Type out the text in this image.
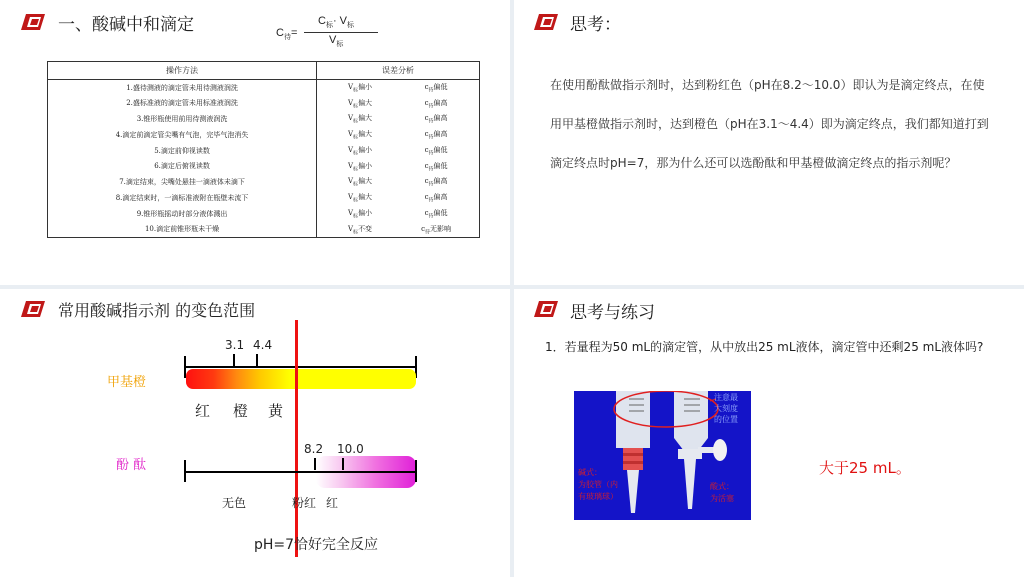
一、酸碱中和滴定	$C_待=$
$C_标\cdot V_标$
$V_标$
操作方法	误差分析
1.盛待测液的滴定管未用待测液润洗	$V_标$偏小 $c_待$偏低
2.盛标准液的滴定管未用标准液润洗	$V_标$偏大 $c_待$偏高
3.锥形瓶使用前用待测液润洗	$V_标$偏大 $c_待$偏高
4.滴定前滴定管尖嘴有气泡，完毕气泡消失	$V_标$偏大 $c_待$偏高
5.滴定前仰视读数	$V_标$偏小 $c_待$偏低
6.滴定后俯视读数	$V_标$偏小 $c_待$偏低
7.滴定结束，尖嘴处悬挂一滴液体未滴下	$V_标$偏大 $c_待$偏高
8.滴定结束时，一滴标准液附在瓶壁未流下	$V_标$偏大 $c_待$偏高
9.锥形瓶摇动时部分液体溅出	$V_标$偏小 $c_待$偏低
10.滴定前锥形瓶未干燥	$V_标$不变 $c_待$无影响
思考：
在使用酚酞做指示剂时，达到粉红色（pH在8.2～10.0）即认为是滴定终点，在使用甲基橙做指示剂时，达到橙色（pH在3.1～4.4）即为滴定终点，我们都知道打到滴定终点时pH=7，那为什么还可以选酚酞和甲基橙做滴定终点的指示剂呢？
常用酸碱指示剂 的变色范围
甲基橙
3.1 4.4
红 橙 黄
酚 酞
8.2 10.0
无色	粉红 红
pH=7恰好完全反应
思考与练习
1．若量程为50 mL的滴定管，从中放出25 mL液体，滴定管中还剩25 mL液体吗?
碱式：
为胶管（内
有玻璃球）
注意最
大刻度
的位置
酸式：
为活塞
大于25 mL。
